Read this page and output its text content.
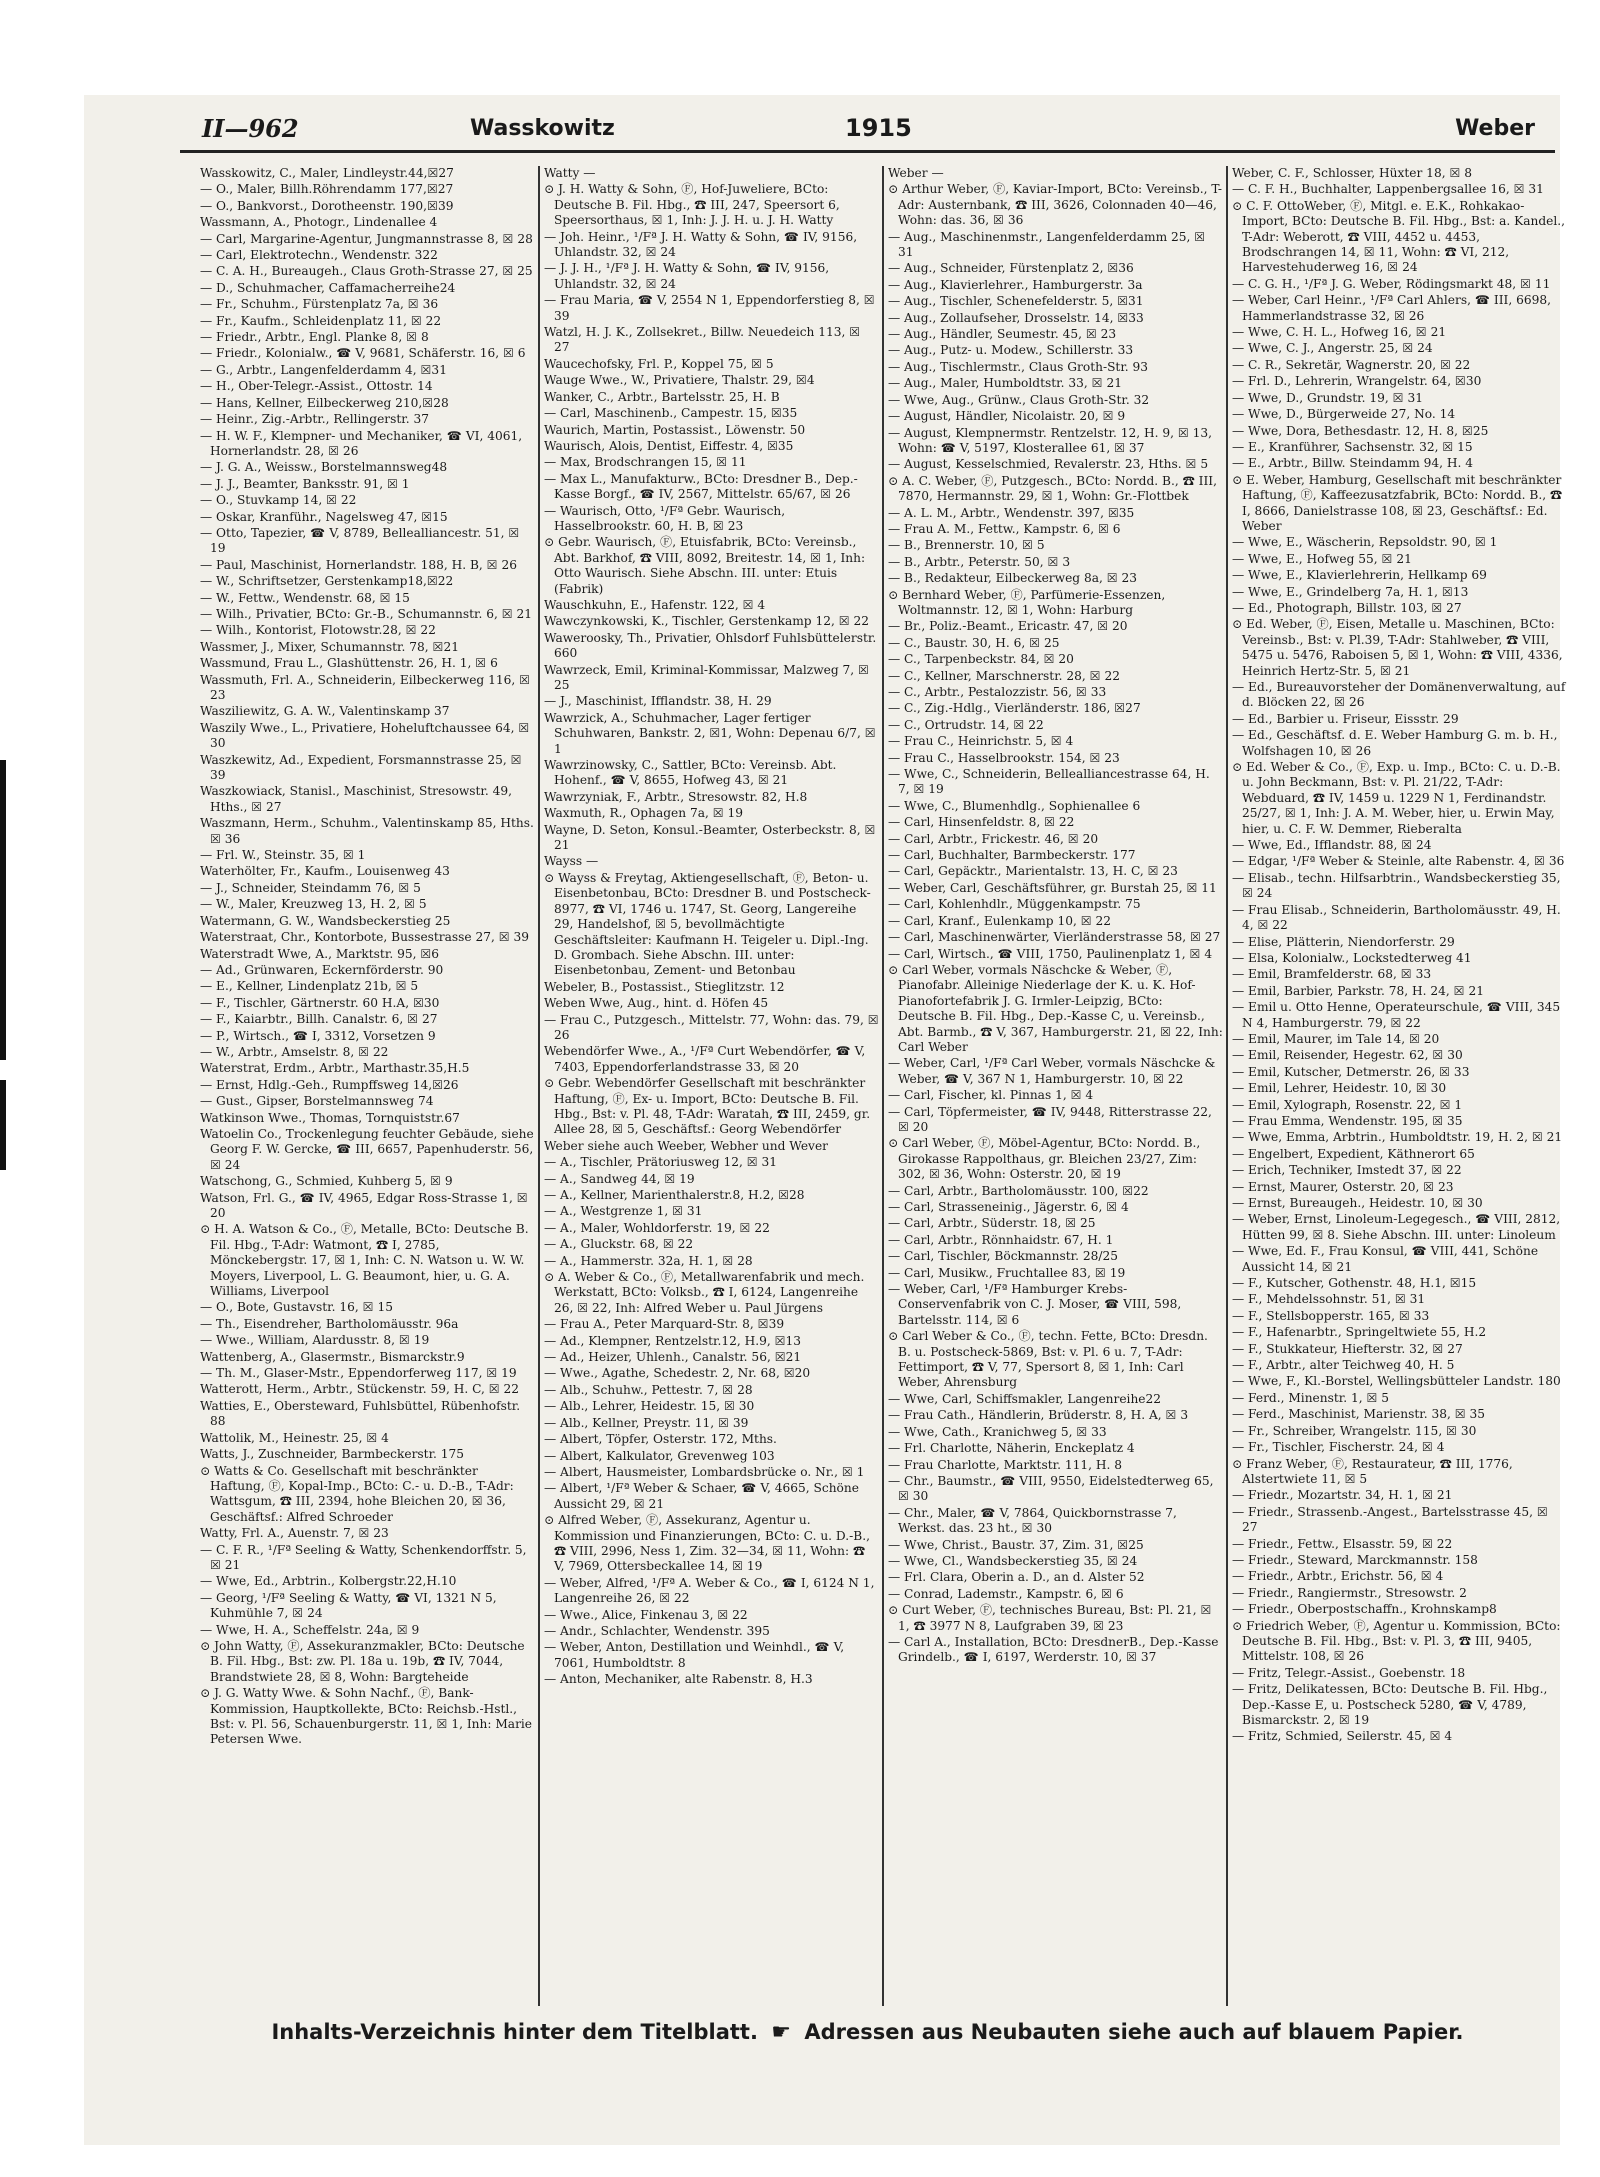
II—962	Wasskowitz	1915	Weber
Wasskowitz, C., Maler, Lindleystr.44,☒27
— O., Maler, Billh.Röhrendamm 177,☒27
— O., Bankvorst., Dorotheenstr. 190,☒39
Wassmann, A., Photogr., Lindenallee 4
— Carl, Margarine-Agentur, Jungmannstrasse 8, ☒ 28
— Carl, Elektrotechn., Wendenstr. 322
— C. A. H., Bureaugeh., Claus Groth-Strasse 27, ☒ 25
— D., Schuhmacher, Caffamacherreihe24
— Fr., Schuhm., Fürstenplatz 7a, ☒ 36
— Fr., Kaufm., Schleidenplatz 11, ☒ 22
— Friedr., Arbtr., Engl. Planke 8, ☒ 8
— Friedr., Kolonialw., ☎ V, 9681, Schäferstr. 16, ☒ 6
— G., Arbtr., Langenfelderdamm 4, ☒31
— H., Ober-Telegr.-Assist., Ottostr. 14
— Hans, Kellner, Eilbeckerweg 210,☒28
— Heinr., Zig.-Arbtr., Rellingerstr. 37
— H. W. F., Klempner- und Mechaniker, ☎ VI, 4061, Hornerlandstr. 28, ☒ 26
— J. G. A., Weissw., Borstelmannsweg48
— J. J., Beamter, Banksstr. 91, ☒ 1
— O., Stuvkamp 14, ☒ 22
— Oskar, Kranführ., Nagelsweg 47, ☒15
— Otto, Tapezier, ☎ V, 8789, Bellealliancestr. 51, ☒ 19
— Paul, Maschinist, Hornerlandstr. 188, H. B, ☒ 26
— W., Schriftsetzer, Gerstenkamp18,☒22
— W., Fettw., Wendenstr. 68, ☒ 15
— Wilh., Privatier, BCto: Gr.-B., Schumannstr. 6, ☒ 21
— Wilh., Kontorist, Flotowstr.28, ☒ 22
Wassmer, J., Mixer, Schumannstr. 78, ☒21
Wassmund, Frau L., Glashüttenstr. 26, H. 1, ☒ 6
Wassmuth, Frl. A., Schneiderin, Eilbeckerweg 116, ☒ 23
Wasziliewitz, G. A. W., Valentinskamp 37
Waszily Wwe., L., Privatiere, Hoheluftchaussee 64, ☒ 30
Waszkewitz, Ad., Expedient, Forsmannstrasse 25, ☒ 39
Waszkowiack, Stanisl., Maschinist, Stresowstr. 49, Hths., ☒ 27
Waszmann, Herm., Schuhm., Valentinskamp 85, Hths. ☒ 36
— Frl. W., Steinstr. 35, ☒ 1
Waterhölter, Fr., Kaufm., Louisenweg 43
— J., Schneider, Steindamm 76, ☒ 5
— W., Maler, Kreuzweg 13, H. 2, ☒ 5
Watermann, G. W., Wandsbeckerstieg 25
Waterstraat, Chr., Kontorbote, Bussestrasse 27, ☒ 39
Waterstradt Wwe, A., Marktstr. 95, ☒6
— Ad., Grünwaren, Eckernförderstr. 90
— E., Kellner, Lindenplatz 21b, ☒ 5
— F., Tischler, Gärtnerstr. 60 H.A, ☒30
— F., Kaiarbtr., Billh. Canalstr. 6, ☒ 27
— P., Wirtsch., ☎ I, 3312, Vorsetzen 9
— W., Arbtr., Amselstr. 8, ☒ 22
Waterstrat, Erdm., Arbtr., Marthastr.35,H.5
— Ernst, Hdlg.-Geh., Rumpffsweg 14,☒26
— Gust., Gipser, Borstelmannsweg 74
Watkinson Wwe., Thomas, Tornquiststr.67
Watoelin Co., Trockenlegung feuchter Gebäude, siehe Georg F. W. Gercke, ☎ III, 6657, Papenhuderstr. 56, ☒ 24
Watschong, G., Schmied, Kuhberg 5, ☒ 9
Watson, Frl. G., ☎ IV, 4965, Edgar Ross-Strasse 1, ☒ 20
⊙ H. A. Watson & Co., Ⓕ, Metalle, BCto: Deutsche B. Fil. Hbg., T-Adr: Watmont, ☎ I, 2785, Mönckebergstr. 17, ☒ 1, Inh: C. N. Watson u. W. W. Moyers, Liverpool, L. G. Beaumont, hier, u. G. A. Williams, Liverpool
— O., Bote, Gustavstr. 16, ☒ 15
— Th., Eisendreher, Bartholomäusstr. 96a
— Wwe., William, Alardusstr. 8, ☒ 19
Wattenberg, A., Glasermstr., Bismarckstr.9
— Th. M., Glaser-Mstr., Eppendorferweg 117, ☒ 19
Watterott, Herm., Arbtr., Stückenstr. 59, H. C, ☒ 22
Watties, E., Obersteward, Fuhlsbüttel, Rübenhofstr. 88
Wattolik, M., Heinestr. 25, ☒ 4
Watts, J., Zuschneider, Barmbeckerstr. 175
⊙ Watts & Co. Gesellschaft mit beschränkter Haftung, Ⓕ, Kopal-Imp., BCto: C.- u. D.-B., T-Adr: Wattsgum, ☎ III, 2394, hohe Bleichen 20, ☒ 36, Geschäftsf.: Alfred Schroeder
Watty, Frl. A., Auenstr. 7, ☒ 23
— C. F. R., ¹/Fª Seeling & Watty, Schenkendorffstr. 5, ☒ 21
— Wwe, Ed., Arbtrin., Kolbergstr.22,H.10
— Georg, ¹/Fª Seeling & Watty, ☎ VI, 1321 N 5, Kuhmühle 7, ☒ 24
— Wwe, H. A., Scheffelstr. 24a, ☒ 9
⊙ John Watty, Ⓕ, Assekuranzmakler, BCto: Deutsche B. Fil. Hbg., Bst: zw. Pl. 18a u. 19b, ☎ IV, 7044, Brandstwiete 28, ☒ 8, Wohn: Bargteheide
⊙ J. G. Watty Wwe. & Sohn Nachf., Ⓕ, Bank-Kommission, Hauptkollekte, BCto: Reichsb.-Hstl., Bst: v. Pl. 56, Schauenburgerstr. 11, ☒ 1, Inh: Marie Petersen Wwe.
Watty —
⊙ J. H. Watty & Sohn, Ⓕ, Hof-Juweliere, BCto: Deutsche B. Fil. Hbg., ☎ III, 247, Speersort 6, Speersorthaus, ☒ 1, Inh: J. J. H. u. J. H. Watty
— Joh. Heinr., ¹/Fª J. H. Watty & Sohn, ☎ IV, 9156, Uhlandstr. 32, ☒ 24
— J. J. H., ¹/Fª J. H. Watty & Sohn, ☎ IV, 9156, Uhlandstr. 32, ☒ 24
— Frau Maria, ☎ V, 2554 N 1, Eppendorferstieg 8, ☒ 39
Watzl, H. J. K., Zollsekret., Billw. Neuedeich 113, ☒ 27
Waucechofsky, Frl. P., Koppel 75, ☒ 5
Wauge Wwe., W., Privatiere, Thalstr. 29, ☒4
Wanker, C., Arbtr., Bartelsstr. 25, H. B
— Carl, Maschinenb., Campestr. 15, ☒35
Waurich, Martin, Postassist., Löwenstr. 50
Waurisch, Alois, Dentist, Eiffestr. 4, ☒35
— Max, Brodschrangen 15, ☒ 11
— Max L., Manufakturw., BCto: Dresdner B., Dep.-Kasse Borgf., ☎ IV, 2567, Mittelstr. 65/67, ☒ 26
— Waurisch, Otto, ¹/Fª Gebr. Waurisch, Hasselbrookstr. 60, H. B, ☒ 23
⊙ Gebr. Waurisch, Ⓕ, Etuisfabrik, BCto: Vereinsb., Abt. Barkhof, ☎ VIII, 8092, Breitestr. 14, ☒ 1, Inh: Otto Waurisch. Siehe Abschn. III. unter: Etuis (Fabrik)
Wauschkuhn, E., Hafenstr. 122, ☒ 4
Wawczynkowski, K., Tischler, Gerstenkamp 12, ☒ 22
Waweroosky, Th., Privatier, Ohlsdorf Fuhlsbüttelerstr. 660
Wawrzeck, Emil, Kriminal-Kommissar, Malzweg 7, ☒ 25
— J., Maschinist, Ifflandstr. 38, H. 29
Wawrzick, A., Schuhmacher, Lager fertiger Schuhwaren, Bankstr. 2, ☒1, Wohn: Depenau 6/7, ☒ 1
Wawrzinowsky, C., Sattler, BCto: Vereinsb. Abt. Hohenf., ☎ V, 8655, Hofweg 43, ☒ 21
Wawrzyniak, F., Arbtr., Stresowstr. 82, H.8
Waxmuth, R., Ophagen 7a, ☒ 19
Wayne, D. Seton, Konsul.-Beamter, Osterbeckstr. 8, ☒ 21
Wayss —
⊙ Wayss & Freytag, Aktiengesellschaft, Ⓕ, Beton- u. Eisenbetonbau, BCto: Dresdner B. und Postscheck- 8977, ☎ VI, 1746 u. 1747, St. Georg, Langereihe 29, Handelshof, ☒ 5, bevollmächtigte Geschäftsleiter: Kaufmann H. Teigeler u. Dipl.-Ing. D. Grombach. Siehe Abschn. III. unter: Eisenbetonbau, Zement- und Betonbau
Webeler, B., Postassist., Stieglitzstr. 12
Weben Wwe, Aug., hint. d. Höfen 45
— Frau C., Putzgesch., Mittelstr. 77, Wohn: das. 79, ☒ 26
Webendörfer Wwe., A., ¹/Fª Curt Webendörfer, ☎ V, 7403, Eppendorferlandstrasse 33, ☒ 20
⊙ Gebr. Webendörfer Gesellschaft mit beschränkter Haftung, Ⓕ, Ex- u. Import, BCto: Deutsche B. Fil. Hbg., Bst: v. Pl. 48, T-Adr: Waratah, ☎ III, 2459, gr. Allee 28, ☒ 5, Geschäftsf.: Georg Webendörfer
Weber siehe auch Weeber, Webher und Wever
— A., Tischler, Prätoriusweg 12, ☒ 31
— A., Sandweg 44, ☒ 19
— A., Kellner, Marienthalerstr.8, H.2, ☒28
— A., Westgrenze 1, ☒ 31
— A., Maler, Wohldorferstr. 19, ☒ 22
— A., Gluckstr. 68, ☒ 22
— A., Hammerstr. 32a, H. 1, ☒ 28
⊙ A. Weber & Co., Ⓕ, Metallwarenfabrik und mech. Werkstatt, BCto: Volksb., ☎ I, 6124, Langenreihe 26, ☒ 22, Inh: Alfred Weber u. Paul Jürgens
— Frau A., Peter Marquard-Str. 8, ☒39
— Ad., Klempner, Rentzelstr.12, H.9, ☒13
— Ad., Heizer, Uhlenh., Canalstr. 56, ☒21
— Wwe., Agathe, Schedestr. 2, Nr. 68, ☒20
— Alb., Schuhw., Pettestr. 7, ☒ 28
— Alb., Lehrer, Heidestr. 15, ☒ 30
— Alb., Kellner, Preystr. 11, ☒ 39
— Albert, Töpfer, Osterstr. 172, Mths.
— Albert, Kalkulator, Grevenweg 103
— Albert, Hausmeister, Lombardsbrücke o. Nr., ☒ 1
— Albert, ¹/Fª Weber & Schaer, ☎ V, 4665, Schöne Aussicht 29, ☒ 21
⊙ Alfred Weber, Ⓕ, Assekuranz, Agentur u. Kommission und Finanzierungen, BCto: C. u. D.-B., ☎ VIII, 2996, Ness 1, Zim. 32—34, ☒ 11, Wohn: ☎ V, 7969, Ottersbeckallee 14, ☒ 19
— Weber, Alfred, ¹/Fª A. Weber & Co., ☎ I, 6124 N 1, Langenreihe 26, ☒ 22
— Wwe., Alice, Finkenau 3, ☒ 22
— Andr., Schlachter, Wendenstr. 395
— Weber, Anton, Destillation und Weinhdl., ☎ V, 7061, Humboldtstr. 8
— Anton, Mechaniker, alte Rabenstr. 8, H.3
Weber —
⊙ Arthur Weber, Ⓕ, Kaviar-Import, BCto: Vereinsb., T-Adr: Austernbank, ☎ III, 3626, Colonnaden 40—46, Wohn: das. 36, ☒ 36
— Aug., Maschinenmstr., Langenfelderdamm 25, ☒ 31
— Aug., Schneider, Fürstenplatz 2, ☒36
— Aug., Klavierlehrer., Hamburgerstr. 3a
— Aug., Tischler, Schenefelderstr. 5, ☒31
— Aug., Zollaufseher, Drosselstr. 14, ☒33
— Aug., Händler, Seumestr. 45, ☒ 23
— Aug., Putz- u. Modew., Schillerstr. 33
— Aug., Tischlermstr., Claus Groth-Str. 93
— Aug., Maler, Humboldtstr. 33, ☒ 21
— Wwe, Aug., Grünw., Claus Groth-Str. 32
— August, Händler, Nicolaistr. 20, ☒ 9
— August, Klempnermstr. Rentzelstr. 12, H. 9, ☒ 13, Wohn: ☎ V, 5197, Klosterallee 61, ☒ 37
— August, Kesselschmied, Revalerstr. 23, Hths. ☒ 5
⊙ A. C. Weber, Ⓕ, Putzgesch., BCto: Nordd. B., ☎ III, 7870, Hermannstr. 29, ☒ 1, Wohn: Gr.-Flottbek
— A. L. M., Arbtr., Wendenstr. 397, ☒35
— Frau A. M., Fettw., Kampstr. 6, ☒ 6
— B., Brennerstr. 10, ☒ 5
— B., Arbtr., Peterstr. 50, ☒ 3
— B., Redakteur, Eilbeckerweg 8a, ☒ 23
⊙ Bernhard Weber, Ⓕ, Parfümerie-Essenzen, Woltmannstr. 12, ☒ 1, Wohn: Harburg
— Br., Poliz.-Beamt., Ericastr. 47, ☒ 20
— C., Baustr. 30, H. 6, ☒ 25
— C., Tarpenbeckstr. 84, ☒ 20
— C., Kellner, Marschnerstr. 28, ☒ 22
— C., Arbtr., Pestalozzistr. 56, ☒ 33
— C., Zig.-Hdlg., Vierländerstr. 186, ☒27
— C., Ortrudstr. 14, ☒ 22
— Frau C., Heinrichstr. 5, ☒ 4
— Frau C., Hasselbrookstr. 154, ☒ 23
— Wwe, C., Schneiderin, Bellealliancestrasse 64, H. 7, ☒ 19
— Wwe, C., Blumenhdlg., Sophienallee 6
— Carl, Hinsenfeldstr. 8, ☒ 22
— Carl, Arbtr., Frickestr. 46, ☒ 20
— Carl, Buchhalter, Barmbeckerstr. 177
— Carl, Gepäcktr., Marientalstr. 13, H. C, ☒ 23
— Weber, Carl, Geschäftsführer, gr. Burstah 25, ☒ 11
— Carl, Kohlenhdlr., Müggenkampstr. 75
— Carl, Kranf., Eulenkamp 10, ☒ 22
— Carl, Maschinenwärter, Vierländerstrasse 58, ☒ 27
— Carl, Wirtsch., ☎ VIII, 1750, Paulinenplatz 1, ☒ 4
⊙ Carl Weber, vormals Näschcke & Weber, Ⓕ, Pianofabr. Alleinige Niederlage der K. u. K. Hof-Pianofortefabrik J. G. Irmler-Leipzig, BCto: Deutsche B. Fil. Hbg., Dep.-Kasse C, u. Vereinsb., Abt. Barmb., ☎ V, 367, Hamburgerstr. 21, ☒ 22, Inh: Carl Weber
— Weber, Carl, ¹/Fª Carl Weber, vormals Näschcke & Weber, ☎ V, 367 N 1, Hamburgerstr. 10, ☒ 22
— Carl, Fischer, kl. Pinnas 1, ☒ 4
— Carl, Töpfermeister, ☎ IV, 9448, Ritterstrasse 22, ☒ 20
⊙ Carl Weber, Ⓕ, Möbel-Agentur, BCto: Nordd. B., Girokasse Rappolthaus, gr. Bleichen 23/27, Zim: 302, ☒ 36, Wohn: Osterstr. 20, ☒ 19
— Carl, Arbtr., Bartholomäusstr. 100, ☒22
— Carl, Strasseneinig., Jägerstr. 6, ☒ 4
— Carl, Arbtr., Süderstr. 18, ☒ 25
— Carl, Arbtr., Rönnhaidstr. 67, H. 1
— Carl, Tischler, Böckmannstr. 28/25
— Carl, Musikw., Fruchtallee 83, ☒ 19
— Weber, Carl, ¹/Fª Hamburger Krebs-Conservenfabrik von C. J. Moser, ☎ VIII, 598, Bartelsstr. 114, ☒ 6
⊙ Carl Weber & Co., Ⓕ, techn. Fette, BCto: Dresdn. B. u. Postscheck-5869, Bst: v. Pl. 6 u. 7, T-Adr: Fettimport, ☎ V, 77, Spersort 8, ☒ 1, Inh: Carl Weber, Ahrensburg
— Wwe, Carl, Schiffsmakler, Langenreihe22
— Frau Cath., Händlerin, Brüderstr. 8, H. A, ☒ 3
— Wwe, Cath., Kranichweg 5, ☒ 33
— Frl. Charlotte, Näherin, Enckeplatz 4
— Frau Charlotte, Marktstr. 111, H. 8
— Chr., Baumstr., ☎ VIII, 9550, Eidelstedterweg 65, ☒ 30
— Chr., Maler, ☎ V, 7864, Quickbornstrasse 7, Werkst. das. 23 ht., ☒ 30
— Wwe, Christ., Baustr. 37, Zim. 31, ☒25
— Wwe, Cl., Wandsbeckerstieg 35, ☒ 24
— Frl. Clara, Oberin a. D., an d. Alster 52
— Conrad, Lademstr., Kampstr. 6, ☒ 6
⊙ Curt Weber, Ⓕ, technisches Bureau, Bst: Pl. 21, ☒ 1, ☎ 3977 N 8, Laufgraben 39, ☒ 23
— Carl A., Installation, BCto: DresdnerB., Dep.-Kasse Grindelb., ☎ I, 6197, Werderstr. 10, ☒ 37
Weber, C. F., Schlosser, Hüxter 18, ☒ 8
— C. F. H., Buchhalter, Lappenbergsallee 16, ☒ 31
⊙ C. F. OttoWeber, Ⓕ, Mitgl. e. E.K., Rohkakao-Import, BCto: Deutsche B. Fil. Hbg., Bst: a. Kandel., T-Adr: Weberott, ☎ VIII, 4452 u. 4453, Brodschrangen 14, ☒ 11, Wohn: ☎ VI, 212, Harvestehuderweg 16, ☒ 24
— C. G. H., ¹/Fª J. G. Weber, Rödingsmarkt 48, ☒ 11
— Weber, Carl Heinr., ¹/Fª Carl Ahlers, ☎ III, 6698, Hammerlandstrasse 32, ☒ 26
— Wwe, C. H. L., Hofweg 16, ☒ 21
— Wwe, C. J., Angerstr. 25, ☒ 24
— C. R., Sekretär, Wagnerstr. 20, ☒ 22
— Frl. D., Lehrerin, Wrangelstr. 64, ☒30
— Wwe, D., Grundstr. 19, ☒ 31
— Wwe, D., Bürgerweide 27, No. 14
— Wwe, Dora, Bethesdastr. 12, H. 8, ☒25
— E., Kranführer, Sachsenstr. 32, ☒ 15
— E., Arbtr., Billw. Steindamm 94, H. 4
⊙ E. Weber, Hamburg, Gesellschaft mit beschränkter Haftung, Ⓕ, Kaffeezusatzfabrik, BCto: Nordd. B., ☎ I, 8666, Danielstrasse 108, ☒ 23, Geschäftsf.: Ed. Weber
— Wwe, E., Wäscherin, Repsoldstr. 90, ☒ 1
— Wwe, E., Hofweg 55, ☒ 21
— Wwe, E., Klavierlehrerin, Hellkamp 69
— Wwe, E., Grindelberg 7a, H. 1, ☒13
— Ed., Photograph, Billstr. 103, ☒ 27
⊙ Ed. Weber, Ⓕ, Eisen, Metalle u. Maschinen, BCto: Vereinsb., Bst: v. Pl.39, T-Adr: Stahlweber, ☎ VIII, 5475 u. 5476, Raboisen 5, ☒ 1, Wohn: ☎ VIII, 4336, Heinrich Hertz-Str. 5, ☒ 21
— Ed., Bureauvorsteher der Domänenverwaltung, auf d. Blöcken 22, ☒ 26
— Ed., Barbier u. Friseur, Eissstr. 29
— Ed., Geschäftsf. d. E. Weber Hamburg G. m. b. H., Wolfshagen 10, ☒ 26
⊙ Ed. Weber & Co., Ⓕ, Exp. u. Imp., BCto: C. u. D.-B. u. John Beckmann, Bst: v. Pl. 21/22, T-Adr: Webduard, ☎ IV, 1459 u. 1229 N 1, Ferdinandstr. 25/27, ☒ 1, Inh: J. A. M. Weber, hier, u. Erwin May, hier, u. C. F. W. Demmer, Rieberalta
— Wwe, Ed., Ifflandstr. 88, ☒ 24
— Edgar, ¹/Fª Weber & Steinle, alte Rabenstr. 4, ☒ 36
— Elisab., techn. Hilfsarbtrin., Wandsbeckerstieg 35, ☒ 24
— Frau Elisab., Schneiderin, Bartholomäusstr. 49, H. 4, ☒ 22
— Elise, Plätterin, Niendorferstr. 29
— Elsa, Kolonialw., Lockstedterweg 41
— Emil, Bramfelderstr. 68, ☒ 33
— Emil, Barbier, Parkstr. 78, H. 24, ☒ 21
— Emil u. Otto Henne, Operateurschule, ☎ VIII, 345 N 4, Hamburgerstr. 79, ☒ 22
— Emil, Maurer, im Tale 14, ☒ 20
— Emil, Reisender, Hegestr. 62, ☒ 30
— Emil, Kutscher, Detmerstr. 26, ☒ 33
— Emil, Lehrer, Heidestr. 10, ☒ 30
— Emil, Xylograph, Rosenstr. 22, ☒ 1
— Frau Emma, Wendenstr. 195, ☒ 35
— Wwe, Emma, Arbtrin., Humboldtstr. 19, H. 2, ☒ 21
— Engelbert, Expedient, Käthnerort 65
— Erich, Techniker, Imstedt 37, ☒ 22
— Ernst, Maurer, Osterstr. 20, ☒ 23
— Ernst, Bureaugeh., Heidestr. 10, ☒ 30
— Weber, Ernst, Linoleum-Legegesch., ☎ VIII, 2812, Hütten 99, ☒ 8. Siehe Abschn. III. unter: Linoleum
— Wwe, Ed. F., Frau Konsul, ☎ VIII, 441, Schöne Aussicht 14, ☒ 21
— F., Kutscher, Gothenstr. 48, H.1, ☒15
— F., Mehdelssohnstr. 51, ☒ 31
— F., Stellsbopperstr. 165, ☒ 33
— F., Hafenarbtr., Springeltwiete 55, H.2
— F., Stukkateur, Hiefterstr. 32, ☒ 27
— F., Arbtr., alter Teichweg 40, H. 5
— Wwe, F., Kl.-Borstel, Wellingsbütteler Landstr. 180
— Ferd., Minenstr. 1, ☒ 5
— Ferd., Maschinist, Marienstr. 38, ☒ 35
— Fr., Schreiber, Wrangelstr. 115, ☒ 30
— Fr., Tischler, Fischerstr. 24, ☒ 4
⊙ Franz Weber, Ⓕ, Restaurateur, ☎ III, 1776, Alstertwiete 11, ☒ 5
— Friedr., Mozartstr. 34, H. 1, ☒ 21
— Friedr., Strassenb.-Angest., Bartelsstrasse 45, ☒ 27
— Friedr., Fettw., Elsasstr. 59, ☒ 22
— Friedr., Steward, Marckmannstr. 158
— Friedr., Arbtr., Erichstr. 56, ☒ 4
— Friedr., Rangiermstr., Stresowstr. 2
— Friedr., Oberpostschaffn., Krohnskamp8
⊙ Friedrich Weber, Ⓕ, Agentur u. Kommission, BCto: Deutsche B. Fil. Hbg., Bst: v. Pl. 3, ☎ III, 9405, Mittelstr. 108, ☒ 26
— Fritz, Telegr.-Assist., Goebenstr. 18
— Fritz, Delikatessen, BCto: Deutsche B. Fil. Hbg., Dep.-Kasse E, u. Postscheck 5280, ☎ V, 4789, Bismarckstr. 2, ☒ 19
— Fritz, Schmied, Seilerstr. 45, ☒ 4
Inhalts-Verzeichnis hinter dem Titelblatt. ☛ Adressen aus Neubauten siehe auch auf blauem Papier.
